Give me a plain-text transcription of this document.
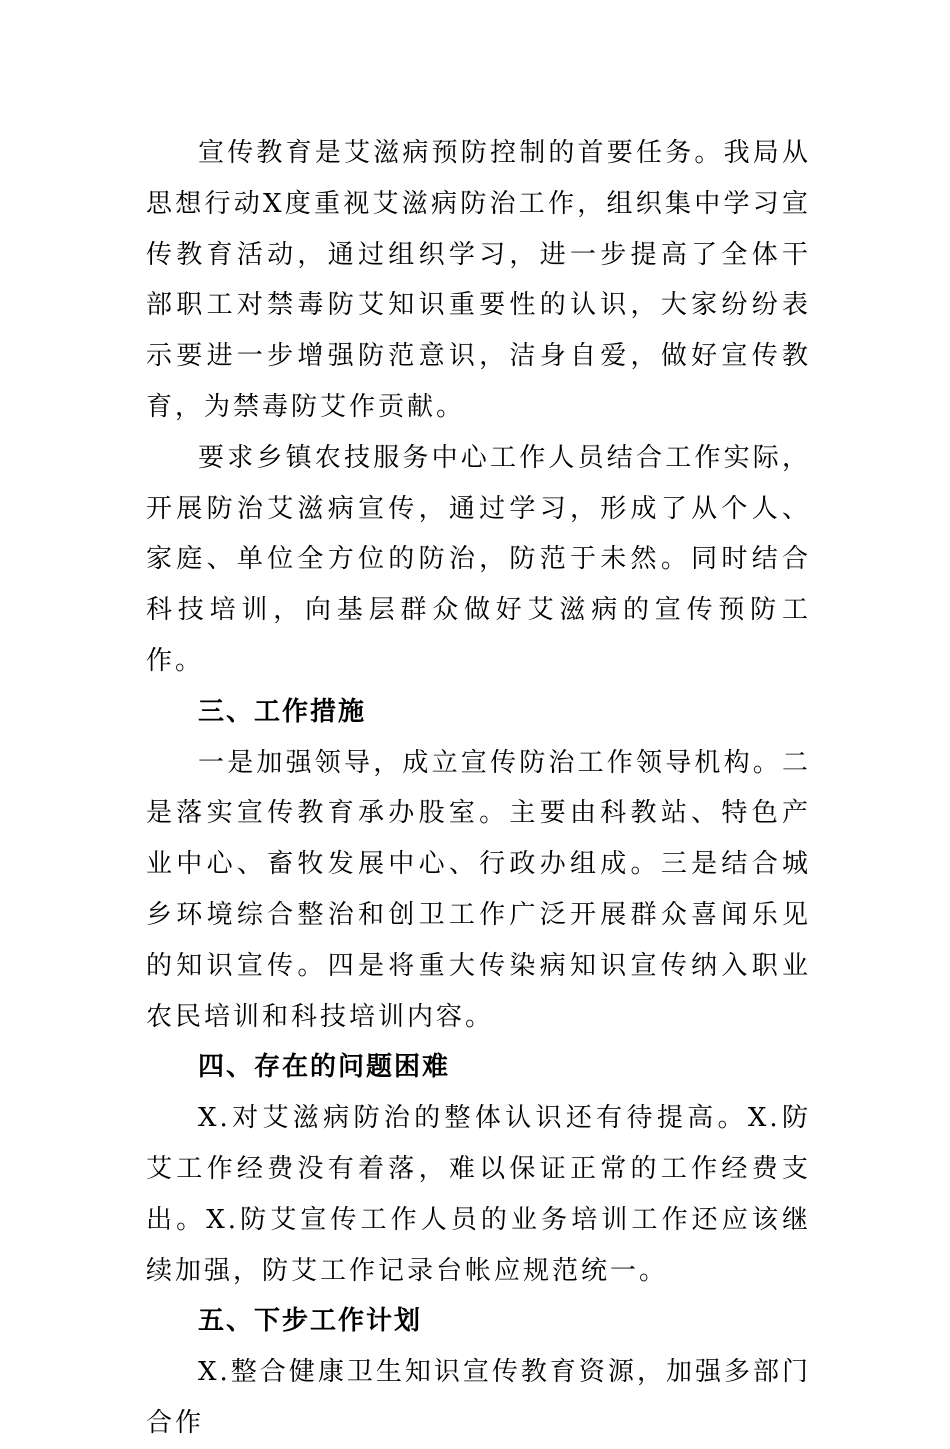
宣传教育是艾滋病预防控制的首要任务。我局从思想行动X度重视艾滋病防治工作，组织集中学习宣传教育活动，通过组织学习，进一步提高了全体干部职工对禁毒防艾知识重要性的认识，大家纷纷表示要进一步增强防范意识，洁身自爱，做好宣传教育，为禁毒防艾作贡献。

要求乡镇农技服务中心工作人员结合工作实际，开展防治艾滋病宣传，通过学习，形成了从个人、家庭、单位全方位的防治，防范于未然。同时结合科技培训，向基层群众做好艾滋病的宣传预防工作。

三、工作措施

一是加强领导，成立宣传防治工作领导机构。二是落实宣传教育承办股室。主要由科教站、特色产业中心、畜牧发展中心、行政办组成。三是结合城乡环境综合整治和创卫工作广泛开展群众喜闻乐见的知识宣传。四是将重大传染病知识宣传纳入职业农民培训和科技培训内容。

四、存在的问题困难

X.对艾滋病防治的整体认识还有待提高。X.防艾工作经费没有着落，难以保证正常的工作经费支出。X.防艾宣传工作人员的业务培训工作还应该继续加强，防艾工作记录台帐应规范统一。

五、下步工作计划

X.整合健康卫生知识宣传教育资源，加强多部门合作
